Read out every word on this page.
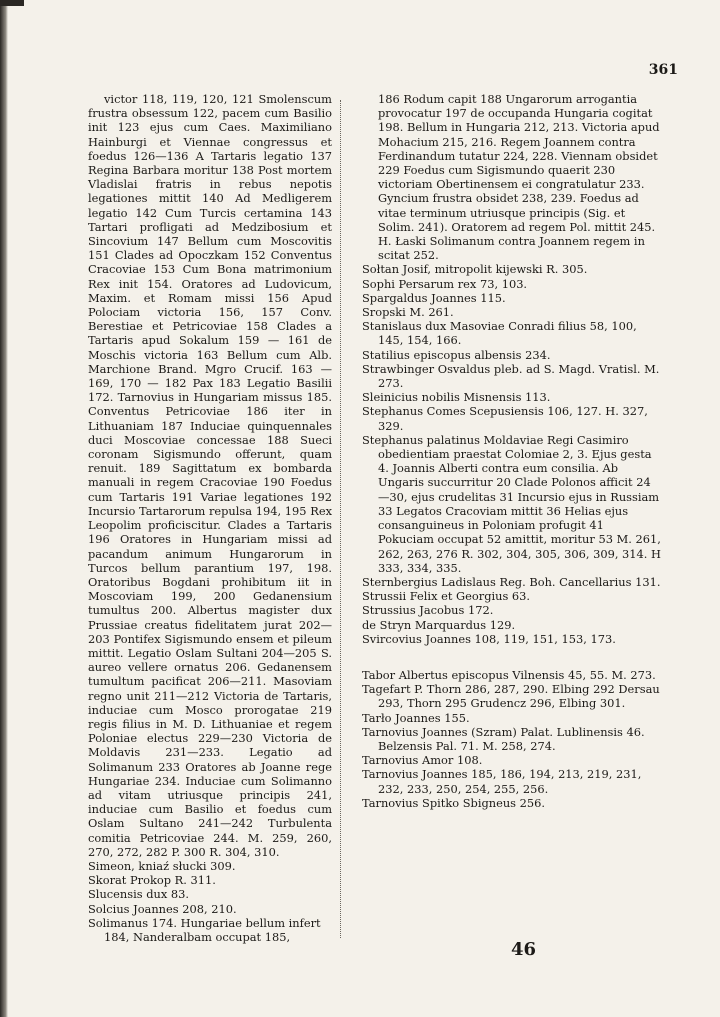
361
victor 118, 119, 120, 121 Smolenscum frustra obsessum 122, pacem cum Basilio init 123 ejus cum Caes. Maximiliano Hainburgi et Viennae congressus et foedus 126—136 A Tartaris legatio 137 Regina Barbara moritur 138 Post mortem Vladislai fratris in rebus nepotis legationes mittit 140 Ad Medligerem legatio 142 Cum Turcis certamina 143 Tartari profligati ad Medzibosium et Sincovium 147 Bellum cum Moscovitis 151 Clades ad Opoczkam 152 Conventus Cracoviae 153 Cum Bona matrimonium Rex init 154. Oratores ad Ludovicum, Maxim. et Romam missi 156 Apud Polociam victoria 156, 157 Conv. Berestiae et Petricoviae 158 Clades a Tartaris apud Sokalum 159 — 161 de Moschis victoria 163 Bellum cum Alb. Marchione Brand. Mgro Crucif. 163 — 169, 170 — 182 Pax 183 Legatio Basilii 172. Tarnovius in Hungariam missus 185. Conventus Petricoviae 186 iter in Lithuaniam 187 Induciae quinquennales duci Moscoviae concessae 188 Sueci coronam Sigismundo offerunt, quam renuit. 189 Sagittatum ex bombarda manuali in regem Cracoviae 190 Foedus cum Tartaris 191 Variae legationes 192 Incursio Tartarorum repulsa 194, 195 Rex Leopolim proficiscitur. Clades a Tartaris 196 Oratores in Hungariam missi ad pacandum animum Hungarorum in Turcos bellum parantium 197, 198. Oratoribus Bogdani prohibitum iit in Moscoviam 199, 200 Gedanensium tumultus 200. Albertus magister dux Prussiae creatus fidelitatem jurat 202—203 Pontifex Sigismundo ensem et pileum mittit. Legatio Oslam Sultani 204—205 S. aureo vellere ornatus 206. Gedanensem tumultum pacificat 206—211. Masoviam regno unit 211—212 Victoria de Tartaris, induciae cum Mosco prorogatae 219 regis filius in M. D. Lithuaniae et regem Poloniae electus 229—230 Victoria de Moldavis 231—233. Legatio ad Solimanum 233 Oratores ab Joanne rege Hungariae 234. Induciae cum Solimanno ad vitam utriusque principis 241, induciae cum Basilio et foedus cum Oslam Sultano 241—242 Turbulenta comitia Petricoviae 244. M. 259, 260, 270, 272, 282 P. 300 R. 304, 310.
Simeon, kniaź słucki 309.
Skorat Prokop R. 311.
Slucensis dux 83.
Solcius Joannes 208, 210.
Solimanus 174. Hungariae bellum infert 184, Nanderalbam occupat 185,
186 Rodum capit 188 Ungarorum arrogantia provocatur 197 de occupanda Hungaria cogitat 198. Bellum in Hungaria 212, 213. Victoria apud Mohacium 215, 216. Regem Joannem contra Ferdinandum tutatur 224, 228. Viennam obsidet 229 Foedus cum Sigismundo quaerit 230 victoriam Obertinensem ei congratulatur 233. Gyncium frustra obsidet 238, 239. Foedus ad vitae terminum utriusque principis (Sig. et Solim. 241). Oratorem ad regem Pol. mittit 245. H. Łaski Solimanum contra Joannem regem in scitat 252.
Sołtan Josif, mitropolit kijewski R. 305.
Sophi Persarum rex 73, 103.
Spargaldus Joannes 115.
Sropski M. 261.
Stanislaus dux Masoviae Conradi filius 58, 100, 145, 154, 166.
Statilius episcopus albensis 234.
Strawbinger Osvaldus pleb. ad S. Magd. Vratisl. M. 273.
Sleinicius nobilis Misnensis 113.
Stephanus Comes Scepusiensis 106, 127. H. 327, 329.
Stephanus palatinus Moldaviae Regi Casimiro obedientiam praestat Colomiae 2, 3. Ejus gesta 4. Joannis Alberti contra eum consilia. Ab Ungaris succurritur 20 Clade Polonos afficit 24—30, ejus crudelitas 31 Incursio ejus in Russiam 33 Legatos Cracoviam mittit 36 Helias ejus consanguineus in Poloniam profugit 41 Pokuciam occupat 52 amittit, moritur 53 M. 261, 262, 263, 276 R. 302, 304, 305, 306, 309, 314. H 333, 334, 335.
Sternbergius Ladislaus Reg. Boh. Cancellarius 131.
Strussii Felix et Georgius 63.
Strussius Jacobus 172.
de Stryn Marquardus 129.
Svircovius Joannes 108, 119, 151, 153, 173.
Tabor Albertus episcopus Vilnensis 45, 55. M. 273.
Tagefart P. Thorn 286, 287, 290. Elbing 292 Dersau 293, Thorn 295 Grudencz 296, Elbing 301.
Tarło Joannes 155.
Tarnovius Joannes (Szram) Palat. Lublinensis 46. Belzensis Pal. 71. M. 258, 274.
Tarnovius Amor 108.
Tarnovius Joannes 185, 186, 194, 213, 219, 231, 232, 233, 250, 254, 255, 256.
Tarnovius Spitko Sbigneus 256.
46
